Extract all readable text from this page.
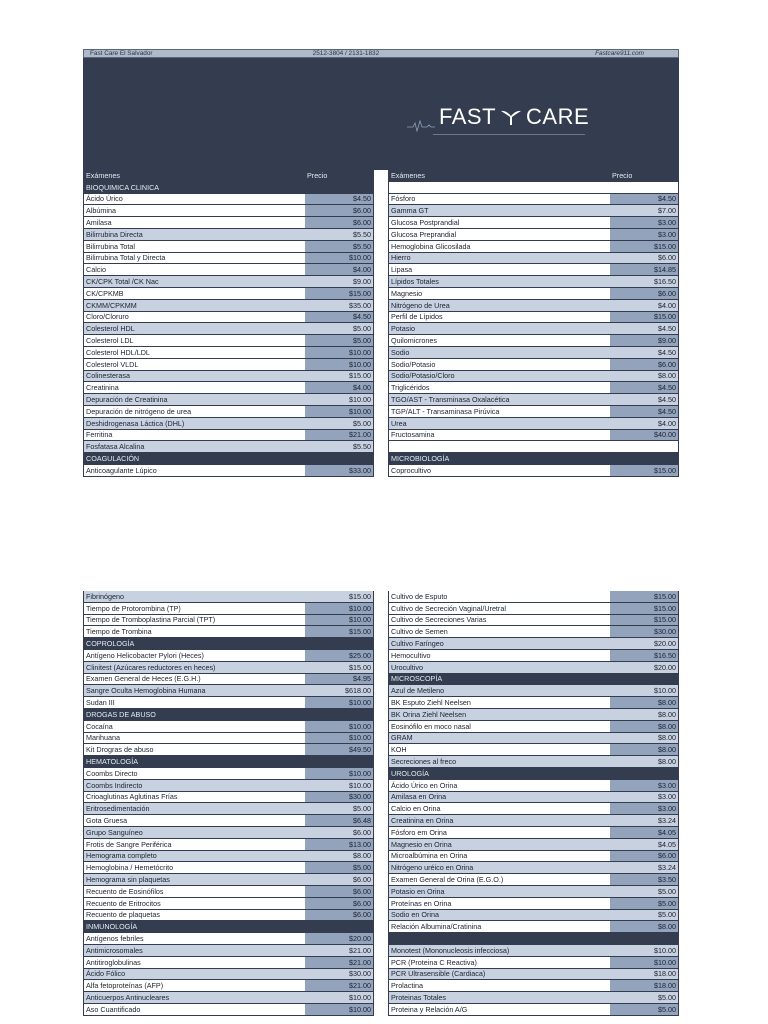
Fast Care El Salvador	2512-3804 / 2131-1832	Fastcare911.com
FAST CARE
Exámenes	Precio
BIOQUIMICA CLINICA
Ácido Úrico	$4.50
Albúmina	$6.00
Amilasa	$6.00
Bilirrubina Directa	$5.50
Bilirrubina Total	$5.50
Bilirrubina Total y Directa	$10.00
Calcio	$4.00
CK/CPK Total /CK Nac	$9.00
CK/CPKMB	$15.00
CKMM/CPKMM	$35.00
Cloro/Cloruro	$4.50
Colesterol HDL	$5.00
Colesterol LDL	$5.00
Colesterol HDL/LDL	$10.00
Colesterol VLDL	$10.00
Colinesterasa	$15.00
Creatinina	$4.00
Depuración de Creatinina	$10.00
Depuración de nitrógeno de urea	$10.00
Deshidrogenasa Láctica (DHL)	$5.00
Ferritina	$21.00
Fosfatasa Alcalina	$5.50
COAGULACIÓN
Anticoagulante Lúpico	$33.00
Exámenes	Precio
Fósforo	$4.50
Gamma GT	$7.00
Glucosa Postprandial	$3.00
Glucosa Preprandial	$3.00
Hemoglobina Glicosilada	$15.00
Hierro	$6.00
Lipasa	$14.85
Lípidos Totales	$16.50
Magnesio	$6.00
Nitrógeno de Urea	$4.00
Perfil de Lípidos	$15.00
Potasio	$4.50
Quilomicrones	$9.00
Sodio	$4.50
Sodio/Potasio	$6.00
Sodio/Potasio/Cloro	$8.00
Triglicéridos	$4.50
TGO/AST - Transminasa Oxalacética	$4.50
TGP/ALT - Transaminasa Pirúvica	$4.50
Urea	$4.00
Fructosamina	$40.00
MICROBIOLOGÍA
Coprocultivo	$15.00
Fibrinógeno	$15.00
Tiempo de Protorombina (TP)	$10.00
Tiempo de Tromboplastina Parcial (TPT)	$10.00
Tiempo de Trombina	$15.00
COPROLOGÍA
Antígeno Helicobacter Pylori (Heces)	$25.00
Clinitest (Azúcares reductores en heces)	$15.00
Examen General de Heces (E.G.H.)	$4.95
Sangre Oculta Hemoglobina Humana	$618.00
Sudan III	$10.00
DROGAS DE ABUSO
Cocaína	$10.00
Marihuana	$10.00
Kit Drogras de abuso	$49.50
HEMATOLOGÍA
Coombs Directo	$10.00
Coombs Indirecto	$10.00
Crioaglutinas Aglutinas Frías	$30.00
Eritrosedimentación	$5.00
Gota Gruesa	$6.48
Grupo Sanguíneo	$6.00
Frotis de Sangre Periférica	$13.00
Hemograma completo	$8.00
Hemoglobina / Hemetócrito	$5.00
Hemograma sin plaquetas	$6.00
Recuento de Eosinófilos	$6.00
Recuento de Eritrocitos	$6.00
Recuento de plaquetas	$6.00
INMUNOLOGÍA
Antígenos febriles	$20.00
Antimicrosomales	$21.00
Antitiroglobulinas	$21.00
Ácido Fólico	$30.00
Alfa fetoproteínas (AFP)	$21.00
Anticuerpos Antinucleares	$10.00
Aso Cuantificado	$10.00
Cultivo de Esputo	$15.00
Cultivo de Secreción Vaginal/Uretral	$15.00
Cultivo de Secreciones Varias	$15.00
Cultivo de Semen	$30.00
Cultivo Faríngeo	$20.00
Hemocultivo	$16.50
Urocultivo	$20.00
MICROSCOPÍA
Azul de Metileno	$10.00
BK Esputo Ziehl Neelsen	$8.00
BK Orina Ziehl Neelsen	$8.00
Eosinófilo en moco nasal	$8.00
GRAM	$8.00
KOH	$8.00
Secreciones al freco	$8.00
UROLOGÍA
Ácido Úrico en Orina	$3.00
Amilasa en Orina	$3.00
Calcio en Orina	$3.00
Creatinina en Orina	$3.24
Fósforo em Orina	$4.05
Magnesio en Orina	$4.05
Microalbúmina en Orina	$6.00
Nitrógeno uréico en Orina	$3.24
Examen General de Orina (E.G.O.)	$3.50
Potasio en Orina	$5.00
Proteínas en Orina	$5.00
Sodio en Orina	$5.00
Relación Albumina/Cratinina	$8.00
Monotest (Mononucleosis infecciosa)	$10.00
PCR (Proteina C Reactiva)	$10.00
PCR Ultrasensible (Cardiaca)	$18.00
Prolactina	$18.00
Proteinas Totales	$5.00
Proteina y Relación A/G	$5.00
